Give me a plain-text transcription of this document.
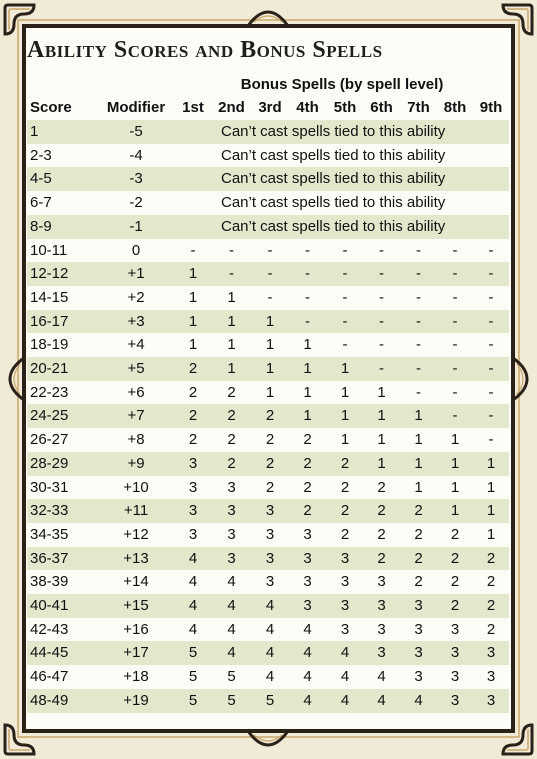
Ability Scores and Bonus Spells
		Bonus Spells (by spell level)								
Score	Modifier	1st	2nd	3rd	4th	5th	6th	7th	8th	9th
1	-5		Can’t cast spells tied to this ability							
2-3	-4		Can’t cast spells tied to this ability							
4-5	-3		Can’t cast spells tied to this ability							
6-7	-2		Can’t cast spells tied to this ability							
8-9	-1		Can’t cast spells tied to this ability							
10-11	0	-	-	-	-	-	-	-	-	-
12-12	+1	1	-	-	-	-	-	-	-	-
14-15	+2	1	1	-	-	-	-	-	-	-
16-17	+3	1	1	1	-	-	-	-	-	-
18-19	+4	1	1	1	1	-	-	-	-	-
20-21	+5	2	1	1	1	1	-	-	-	-
22-23	+6	2	2	1	1	1	1	-	-	-
24-25	+7	2	2	2	1	1	1	1	-	-
26-27	+8	2	2	2	2	1	1	1	1	-
28-29	+9	3	2	2	2	2	1	1	1	1
30-31	+10	3	3	2	2	2	2	1	1	1
32-33	+11	3	3	3	2	2	2	2	1	1
34-35	+12	3	3	3	3	2	2	2	2	1
36-37	+13	4	3	3	3	3	2	2	2	2
38-39	+14	4	4	3	3	3	3	2	2	2
40-41	+15	4	4	4	3	3	3	3	2	2
42-43	+16	4	4	4	4	3	3	3	3	2
44-45	+17	5	4	4	4	4	3	3	3	3
46-47	+18	5	5	4	4	4	4	3	3	3
48-49	+19	5	5	5	4	4	4	4	3	3
